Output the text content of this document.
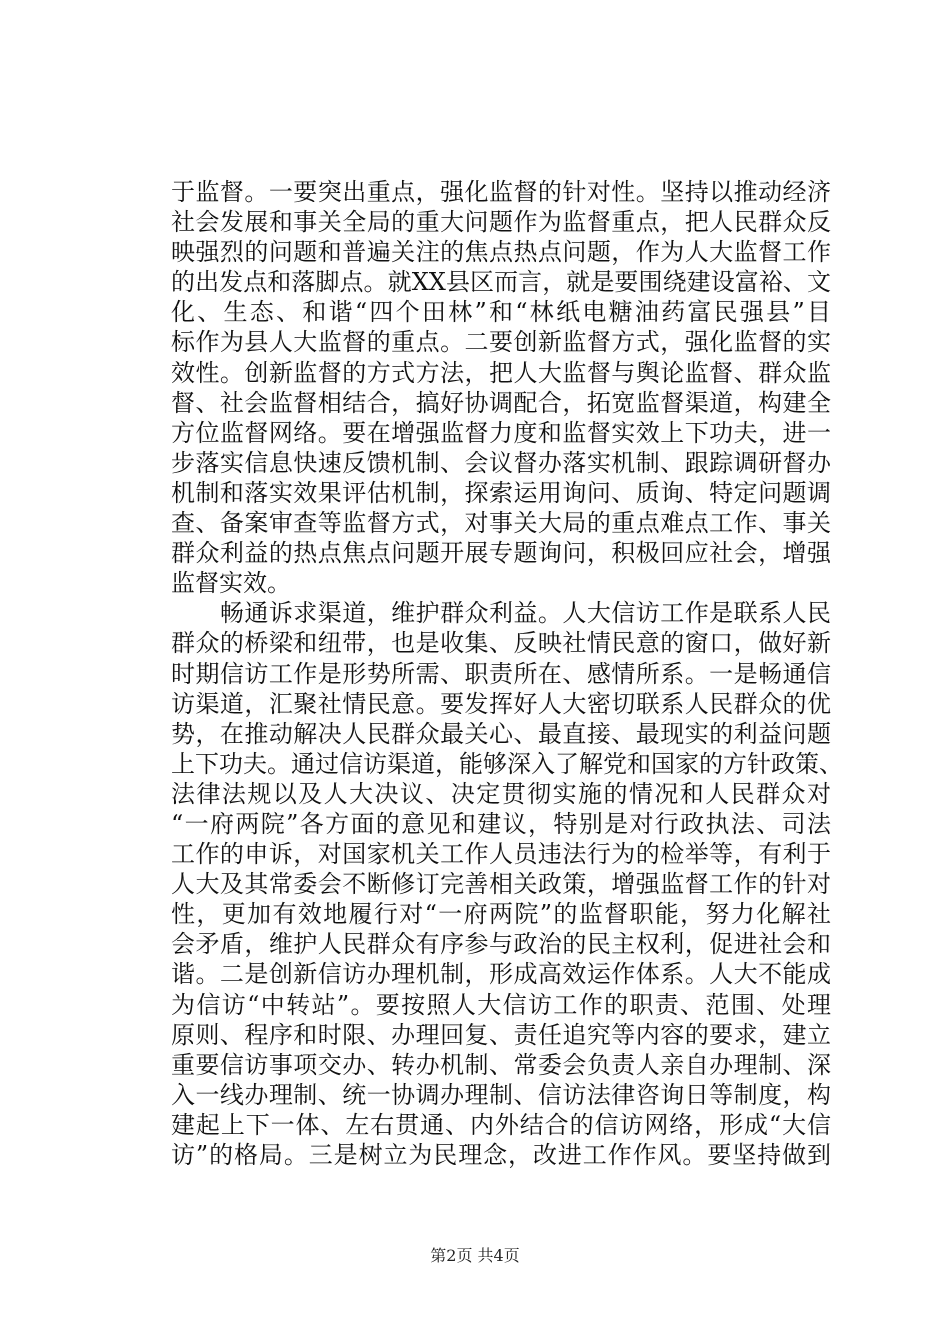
于监督。一要突出重点，强化监督的针对性。坚持以推动经济
社会发展和事关全局的重大问题作为监督重点，把人民群众反
映强烈的问题和普遍关注的焦点热点问题，作为人大监督工作
的出发点和落脚点。就XX县区而言，就是要围绕建设富裕、文
化、生态、和谐“四个田林”和“林纸电糖油药富民强县”目
标作为县人大监督的重点。二要创新监督方式，强化监督的实
效性。创新监督的方式方法，把人大监督与舆论监督、群众监
督、社会监督相结合，搞好协调配合，拓宽监督渠道，构建全
方位监督网络。要在增强监督力度和监督实效上下功夫，进一
步落实信息快速反馈机制、会议督办落实机制、跟踪调研督办
机制和落实效果评估机制，探索运用询问、质询、特定问题调
查、备案审查等监督方式，对事关大局的重点难点工作、事关
群众利益的热点焦点问题开展专题询问，积极回应社会，增强
监督实效。
　　畅通诉求渠道，维护群众利益。人大信访工作是联系人民
群众的桥梁和纽带，也是收集、反映社情民意的窗口，做好新
时期信访工作是形势所需、职责所在、感情所系。一是畅通信
访渠道，汇聚社情民意。要发挥好人大密切联系人民群众的优
势，在推动解决人民群众最关心、最直接、最现实的利益问题
上下功夫。通过信访渠道，能够深入了解党和国家的方针政策、
法律法规以及人大决议、决定贯彻实施的情况和人民群众对
“一府两院”各方面的意见和建议，特别是对行政执法、司法
工作的申诉，对国家机关工作人员违法行为的检举等，有利于
人大及其常委会不断修订完善相关政策，增强监督工作的针对
性，更加有效地履行对“一府两院”的监督职能，努力化解社
会矛盾，维护人民群众有序参与政治的民主权利，促进社会和
谐。二是创新信访办理机制，形成高效运作体系。人大不能成
为信访“中转站”。要按照人大信访工作的职责、范围、处理
原则、程序和时限、办理回复、责任追究等内容的要求，建立
重要信访事项交办、转办机制、常委会负责人亲自办理制、深
入一线办理制、统一协调办理制、信访法律咨询日等制度，构
建起上下一体、左右贯通、内外结合的信访网络，形成“大信
访”的格局。三是树立为民理念，改进工作作风。要坚持做到
第2页 共4页
